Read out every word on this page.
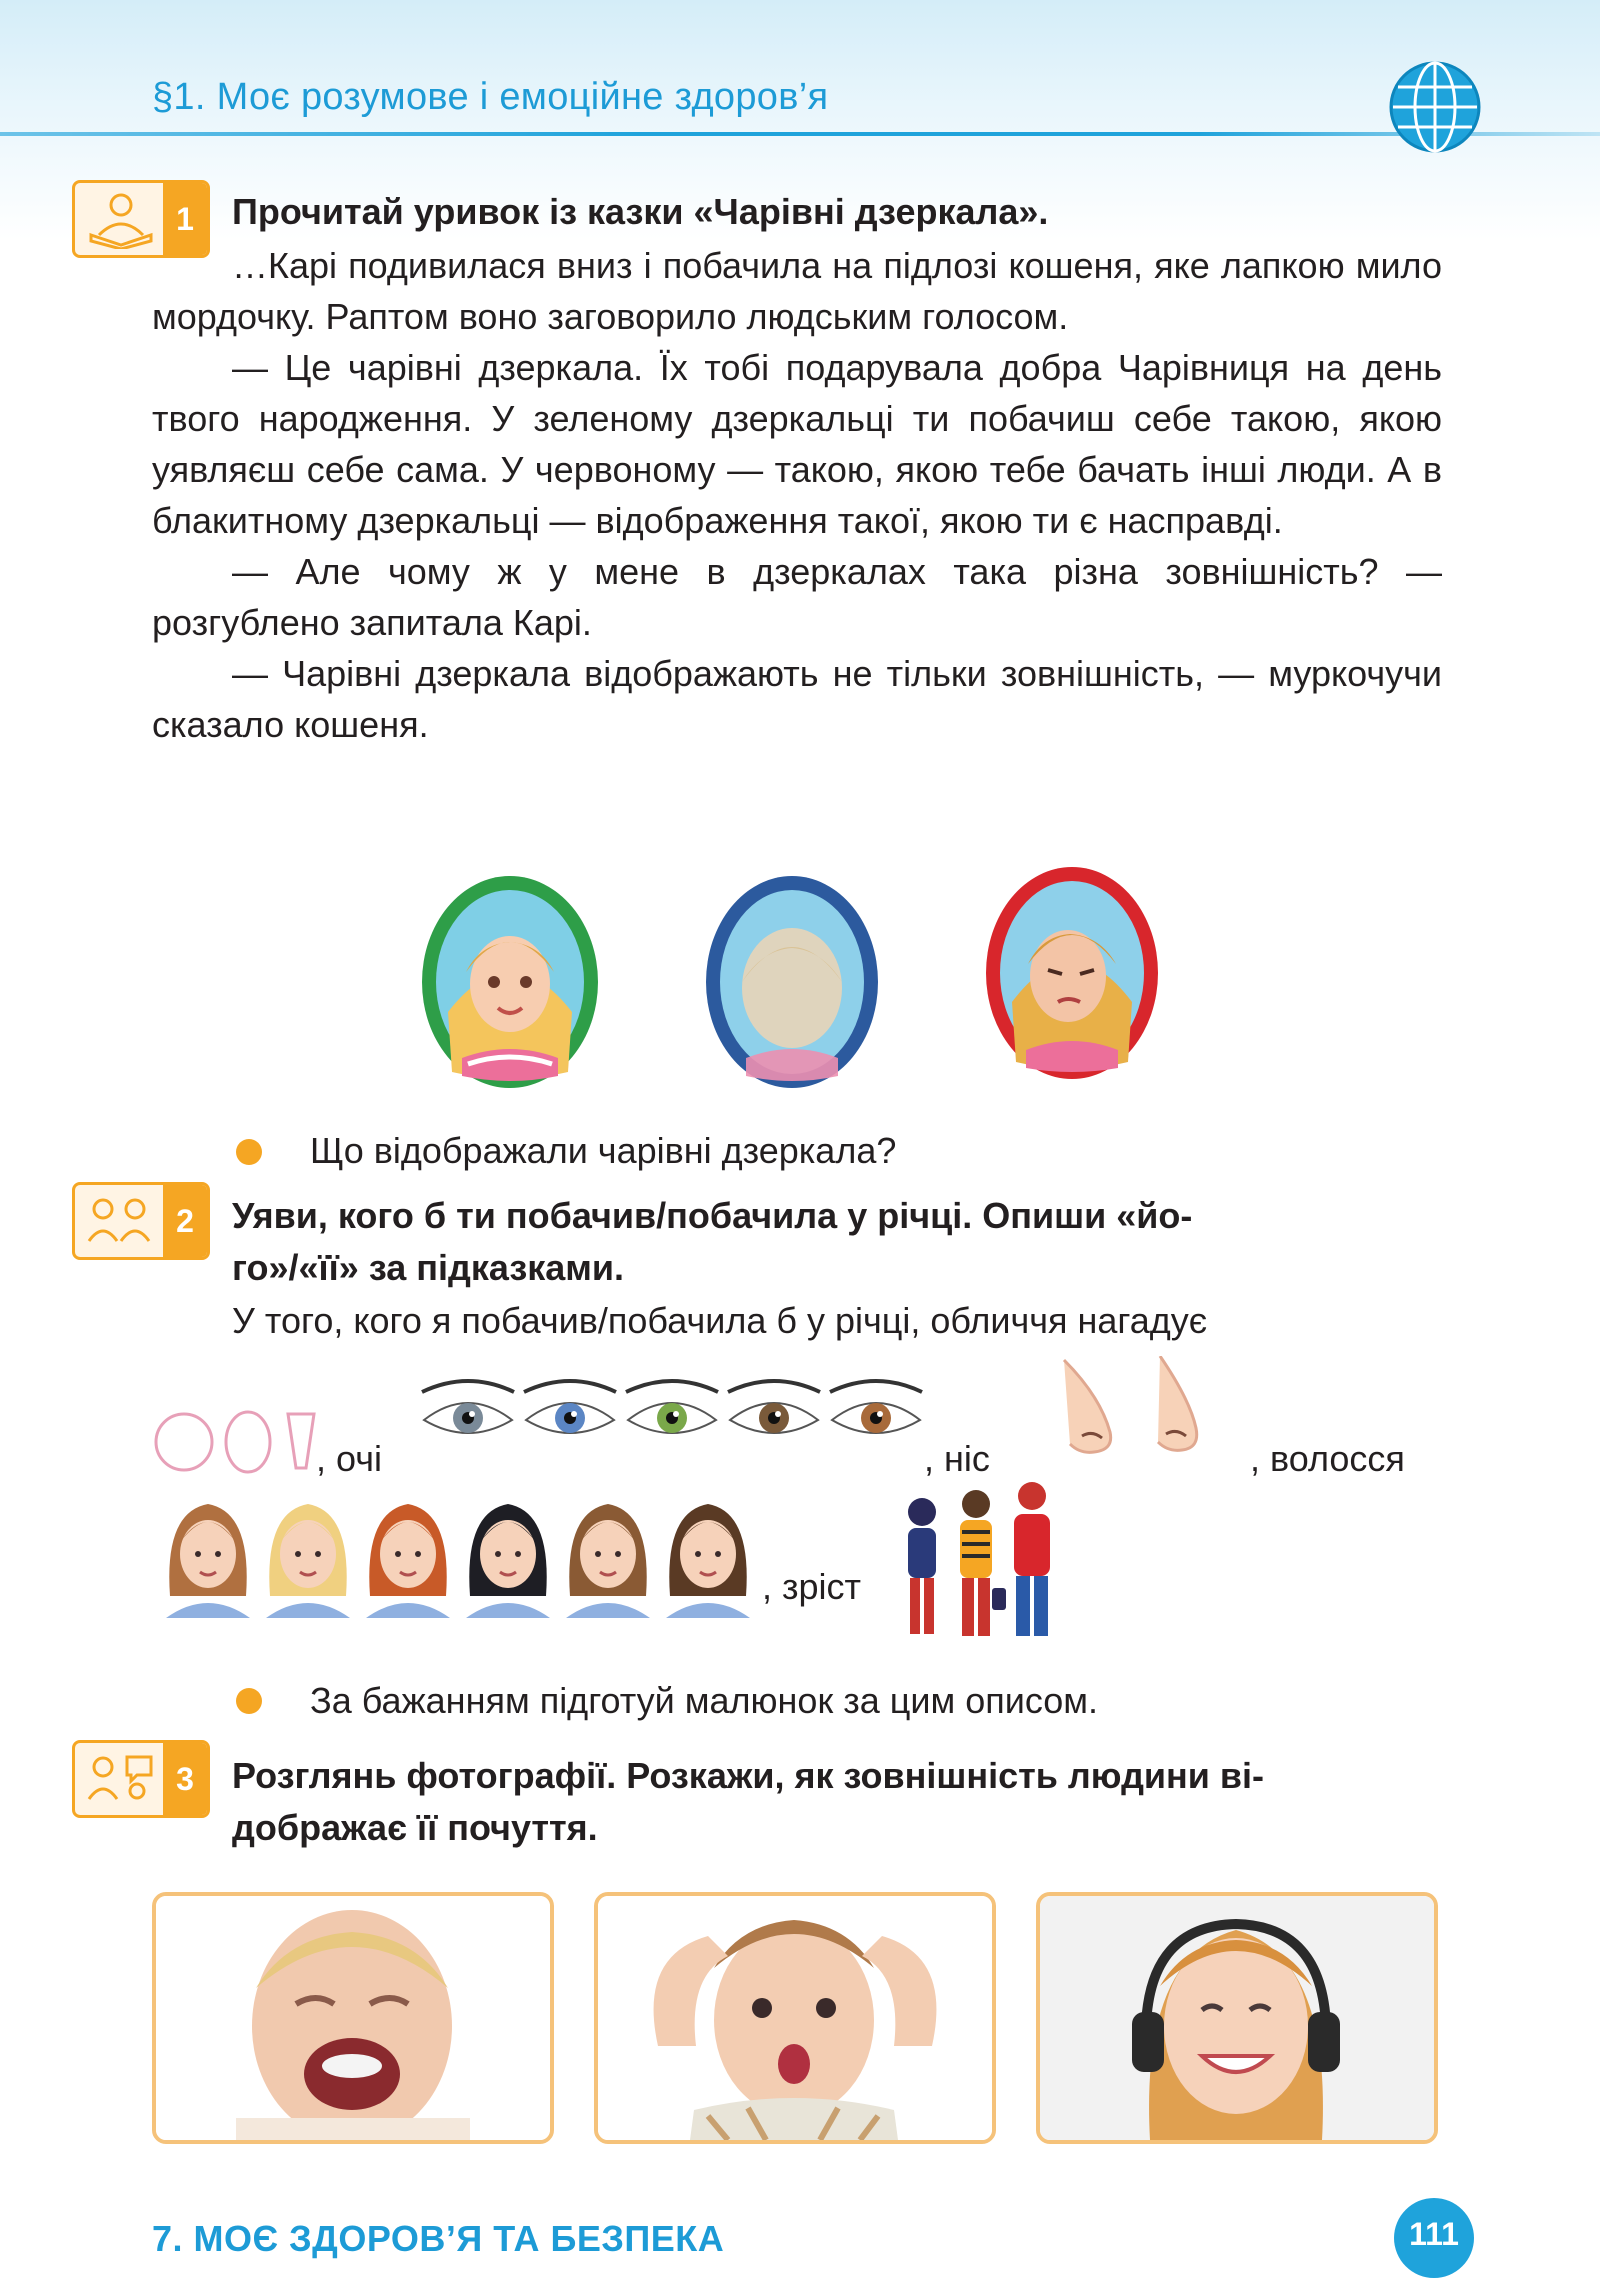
§1. Моє розумове і емоційне здоров’я
1	Прочитай уривок із казки «Чарівні дзеркала».

…Карі подивилася вниз і побачила на підлозі кошеня, яке лапкою мило мордочку. Раптом воно заговорило людським голосом.

— Це чарівні дзеркала. Їх тобі подарувала добра Чарівниця на день твого народження. У зеленому дзеркальці ти побачиш себе такою, якою уявляєш себе сама. У червоному — такою, якою тебе бачать інші люди. А в блакитному дзеркальці — відображення такої, якою ти є насправді.

— Але чому ж у мене в дзеркалах така різна зовнішність? — розгублено запитала Карі.

— Чарівні дзеркала відображають не тільки зовнішність, — муркочучи сказало кошеня.

Що відображали чарівні дзеркала?
2	Уяви, кого б ти побачив/побачила у річці. Опиши «йо-
го»/«її» за підказками.
У того, кого я побачив/побачила б у річці, обличчя нагадує
, очі	, ніс	, волосся
, зріст
За бажанням підготуй малюнок за цим описом.
3	Розглянь фотографії. Розкажи, як зовнішність людини ві-
дображає її почуття.
7. МОЄ ЗДОРОВ’Я ТА БЕЗПЕКА	111
